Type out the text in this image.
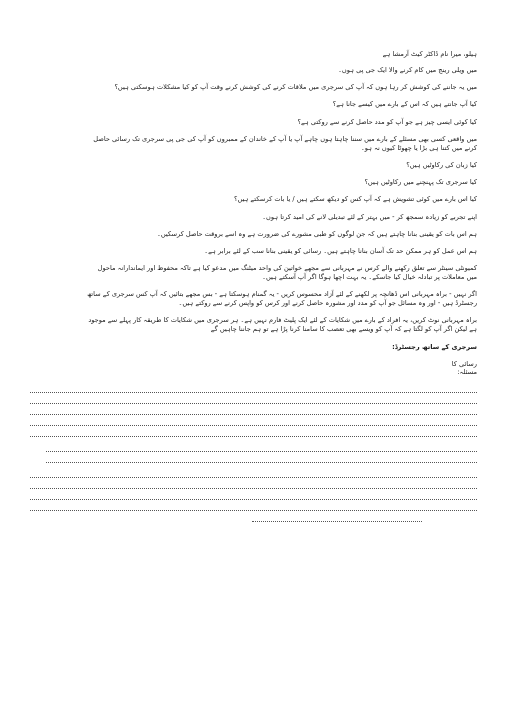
ہیلو، میرا نام ڈاکٹر کیٹ آرمشا ہے
میں ویلی رینج میں کام کرنے والا ایک جی پی ہوں۔
میں یہ جاننے کی کوشش کر رہا ہوں کہ آپ کی سرجری میں ملاقات کرنے کی کوشش کرنے وقت آپ کو کیا مشکلات ہوسکتی ہیں؟
کیا آپ جانتے ہیں کہ اس کے بارے میں کیسے جانا ہے؟
کیا کوئی ایسی چیز ہے جو آپ کو مدد حاصل کرنے سے روکتی ہے؟
میں واقعی کسی بھی مسئلے کے بارے میں سننا چاہتا ہوں چاہے آپ یا آپ کے خاندان کے ممبروں کو آپ کی جی پی سرجری تک رسائی حاصل
کرنے میں کتنا ہی بڑا یا چھوٹا کیوں نہ ہو۔
کیا زبان کی رکاوٹیں ہیں؟
کیا سرجری تک پہنچنے میں رکاوٹیں ہیں؟
کیا اس بارے میں کوئی تشویش ہے کہ آپ کس کو دیکھ سکتے ہیں / یا بات کرسکتے ہیں؟
اپنے تجربے کو زیادہ سمجھ کر - میں بہتر کے لئے تبدیلی لانے کی امید کرتا ہوں۔
ہم اس بات کو یقینی بنانا چاہتے ہیں کہ جن لوگوں کو طبی مشورے کی ضرورت ہے وہ اسے بروقت حاصل کرسکیں۔
ہم اس عمل کو ہر ممکن حد تک آسان بنانا چاہتے ہیں۔ رسائی کو یقینی بنانا سب کے لئے برابر ہے۔
کمیونٹی سینٹر سے تعلق رکھنے والے کرس نے مہربانی سے مجھے خواتین کی واحد میٹنگ میں مدعو کیا ہے تاکہ محفوظ اور ایماندارانہ ماحول
میں معاملات پر تبادلہ خیال کیا جاسکے۔ یہ بہت اچھا ہوگا اگر آپ آسکتے ہیں۔
اگر نہیں - براہ مہربانی اس ڈھانچہ پر لکھنے کے لئے آزاد محسوس کریں - یہ گمنام ہوسکتا ہے - بس مجھے بتائیں کہ آپ کس سرجری کے ساتھ
رجسٹرڈ ہیں - اور وہ مسائل جو آپ کو مدد اور مشورہ حاصل کرنے اور کرس کو واپس کرنے سے روکتے ہیں۔
براہ مہربانی نوٹ کریں، یہ افراد کے بارے میں شکایات کے لئے ایک پلیٹ فارم نہیں ہے۔ ہر سرجری میں شکایات کا طریقہ کار پہلے سے موجود
ہے لیکن اگر آپ کو لگتا ہے کہ آپ کو ویسے بھی تعصب کا سامنا کرنا پڑا ہے تو ہم جاننا چاہیں گے
سرجری کے ساتھ رجسٹرڈ:
رسائی کا
مسئلہ:
